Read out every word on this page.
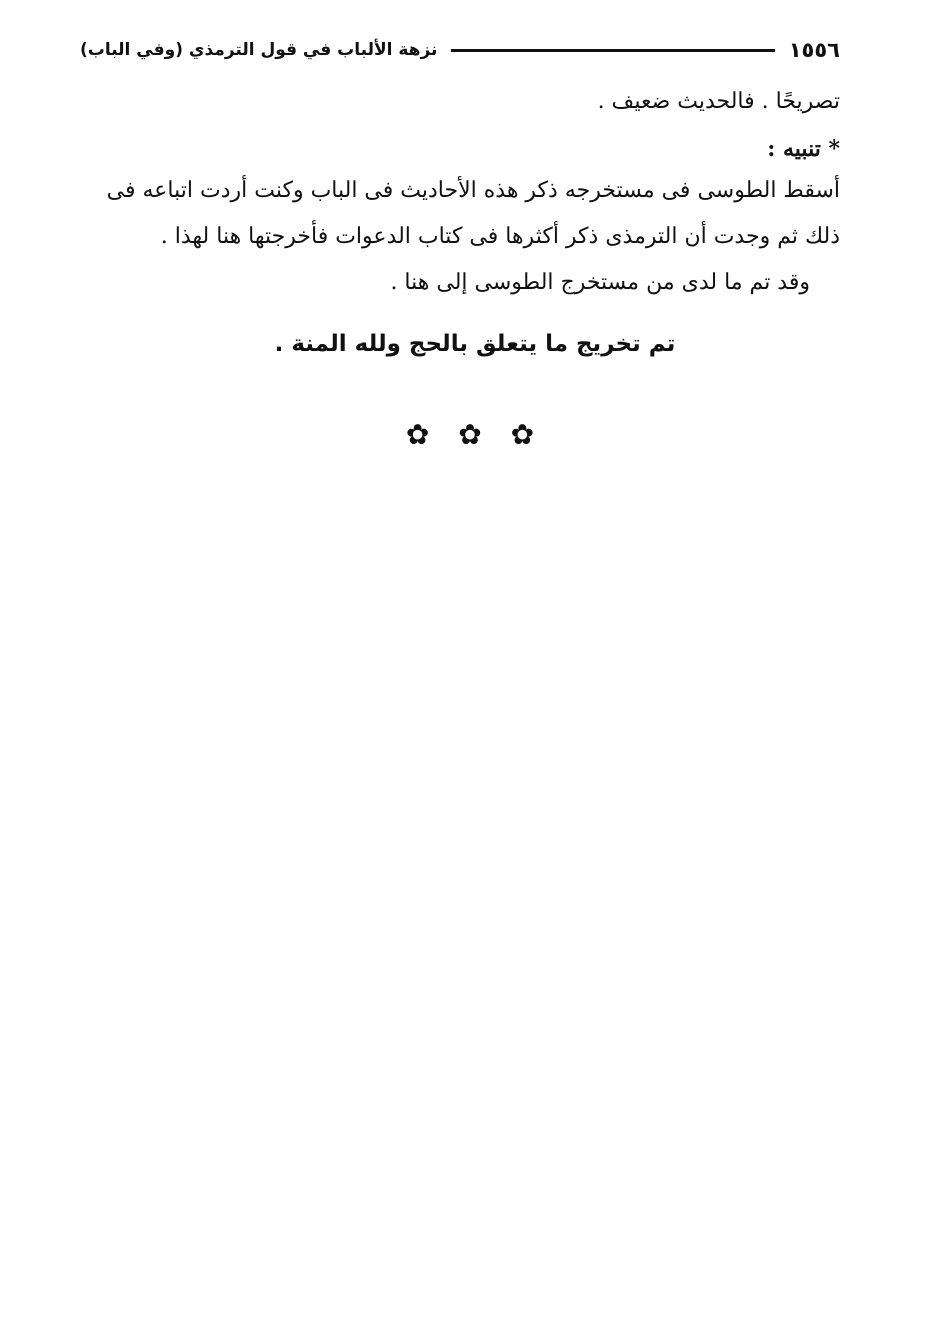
١٥٥٦
نزهة الألباب في قول الترمذي (وفي الباب)
تصريحًا . فالحديث ضعيف .
* تنبيه :
أسقط الطوسى فى مستخرجه ذكر هذه الأحاديث فى الباب وكنت أردت اتباعه فى
ذلك ثم وجدت أن الترمذى ذكر أكثرها فى كتاب الدعوات فأخرجتها هنا لهذا .
وقد تم ما لدى من مستخرج الطوسى إلى هنا .
تم تخريج ما يتعلق بالحج ولله المنة .
✿ ✿ ✿
